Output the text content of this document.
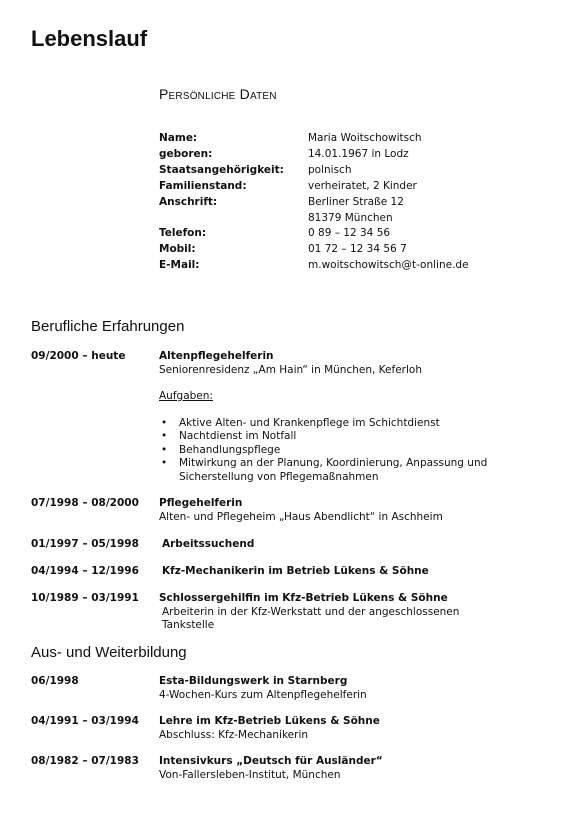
Lebenslauf
Persönliche Daten
Name:	Maria Woitschowitsch
geboren:	14.01.1967 in Lodz
Staatsangehörigkeit:	polnisch
Familienstand:	verheiratet, 2 Kinder
Anschrift:	Berliner Straße 12
81379 München
Telefon:	0 89 – 12 34 56
Mobil:	01 72 – 12 34 56 7
E-Mail:	m.woitschowitsch@t-online.de
Berufliche Erfahrungen
09/2000 – heute	Altenpflegehelferin
Seniorenresidenz „Am Hain“ in München, Keferloh
Aufgaben:
• Aktive Alten- und Krankenpflege im Schichtdienst
• Nachtdienst im Notfall
• Behandlungspflege
• Mitwirkung an der Planung, Koordinierung, Anpassung und
Sicherstellung von Pflegemaßnahmen
07/1998 – 08/2000 Pflegehelferin
Alten- und Pflegeheim „Haus Abendlicht“ in Aschheim
01/1997 – 05/1998 Arbeitssuchend
04/1994 – 12/1996 Kfz-Mechanikerin im Betrieb Lükens & Söhne
10/1989 – 03/1991 Schlossergehilfin im Kfz-Betrieb Lükens & Söhne
Arbeiterin in der Kfz-Werkstatt und der angeschlossenen
Tankstelle
Aus- und Weiterbildung
06/1998	Esta-Bildungswerk in Starnberg
4-Wochen-Kurs zum Altenpflegehelferin
04/1991 – 03/1994 Lehre im Kfz-Betrieb Lükens & Söhne
Abschluss: Kfz-Mechanikerin
08/1982 – 07/1983 Intensivkurs „Deutsch für Ausländer“
Von-Fallersleben-Institut, München
